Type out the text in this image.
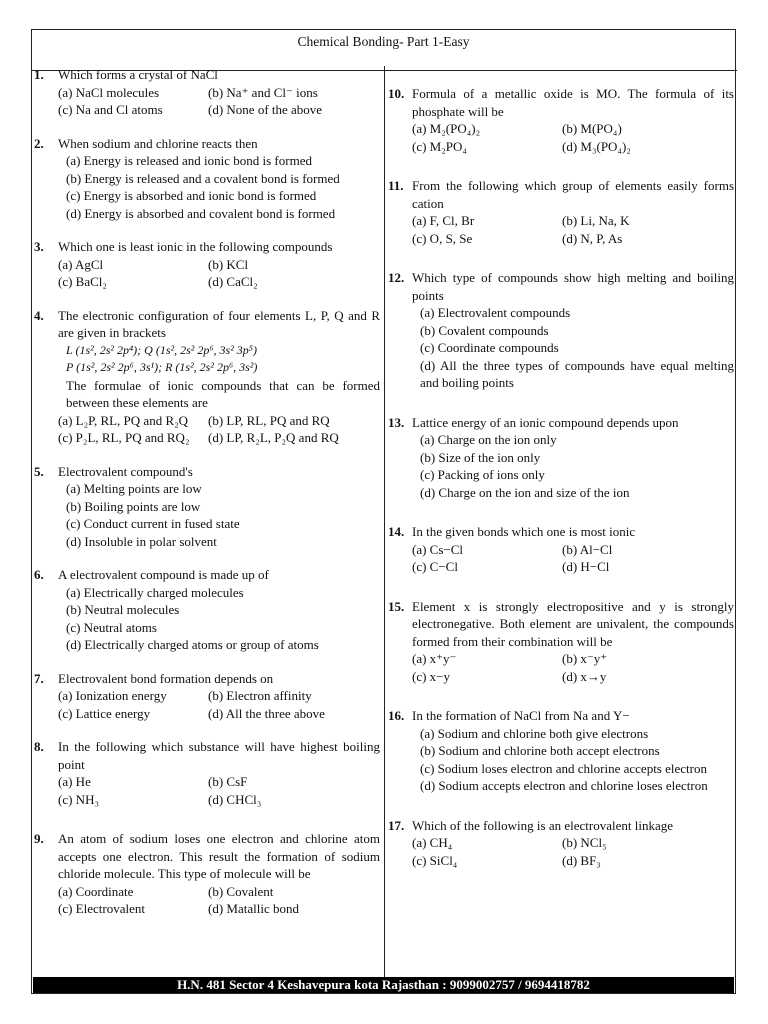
Chemical Bonding- Part 1-Easy
1. Which forms a crystal of NaCl
(a) NaCl molecules	(b) Na⁺ and Cl⁻ ions
(c) Na and Cl atoms	(d) None of the above
2. When sodium and chlorine reacts then
(a) Energy is released and ionic bond is formed
(b) Energy is released and a covalent bond is formed
(c) Energy is absorbed and ionic bond is formed
(d) Energy is absorbed and covalent bond is formed
3. Which one is least ionic in the following compounds
(a) AgCl	(b) KCl
(c) BaCl₂	(d) CaCl₂
4. The electronic configuration of four elements L, P, Q and R are given in brackets
L (1s², 2s² 2p⁴); Q (1s², 2s² 2p⁶, 3s² 3p⁵)
P (1s², 2s² 2p⁶, 3s¹); R (1s², 2s² 2p⁶, 3s²)
The formulae of ionic compounds that can be formed between these elements are
(a) L₂P, RL, PQ and R₂Q	(b) LP, RL, PQ and RQ
(c) P₂L, RL, PQ and RQ₂	(d) LP, R₂L, P₂Q and RQ
5. Electrovalent compound's
(a) Melting points are low
(b) Boiling points are low
(c) Conduct current in fused state
(d) Insoluble in polar solvent
6. A electrovalent compound is made up of
(a) Electrically charged molecules
(b) Neutral molecules
(c) Neutral atoms
(d) Electrically charged atoms or group of atoms
7. Electrovalent bond formation depends on
(a) Ionization energy	(b) Electron affinity
(c) Lattice energy	(d) All the three above
8. In the following which substance will have highest boiling point
(a) He	(b) CsF
(c) NH₃	(d) CHCl₃
9. An atom of sodium loses one electron and chlorine atom accepts one electron. This result the formation of sodium chloride molecule. This type of molecule will be
(a) Coordinate	(b) Covalent
(c) Electrovalent	(d) Matallic bond
10. Formula of a metallic oxide is MO. The formula of its phosphate will be
(a) M₂(PO₄)₂	(b) M(PO₄)
(c) M₂PO₄	(d) M₃(PO₄)₂
11. From the following which group of elements easily forms cation
(a) F, Cl, Br	(b) Li, Na, K
(c) O, S, Se	(d) N, P, As
12. Which type of compounds show high melting and boiling points
(a) Electrovalent compounds
(b) Covalent compounds
(c) Coordinate compounds
(d) All the three types of compounds have equal melting and boiling points
13. Lattice energy of an ionic compound depends upon
(a) Charge on the ion only
(b) Size of the ion only
(c) Packing of ions only
(d) Charge on the ion and size of the ion
14. In the given bonds which one is most ionic
(a) Cs−Cl	(b) Al−Cl
(c) C−Cl	(d) H−Cl
15. Element x is strongly electropositive and y is strongly electronegative. Both element are univalent, the compounds formed from their combination will be
(a) x⁺y⁻	(b) x⁻y⁺
(c) x−y	(d) x→y
16. In the formation of NaCl from Na and Y−
(a) Sodium and chlorine both give electrons
(b) Sodium and chlorine both accept electrons
(c) Sodium loses electron and chlorine accepts electron
(d) Sodium accepts electron and chlorine loses electron
17. Which of the following is an electrovalent linkage
(a) CH₄	(b) NCl₅
(c) SiCl₄	(d) BF₃
H.N. 481 Sector 4 Keshavepura kota Rajasthan : 9099002757 / 9694418782
